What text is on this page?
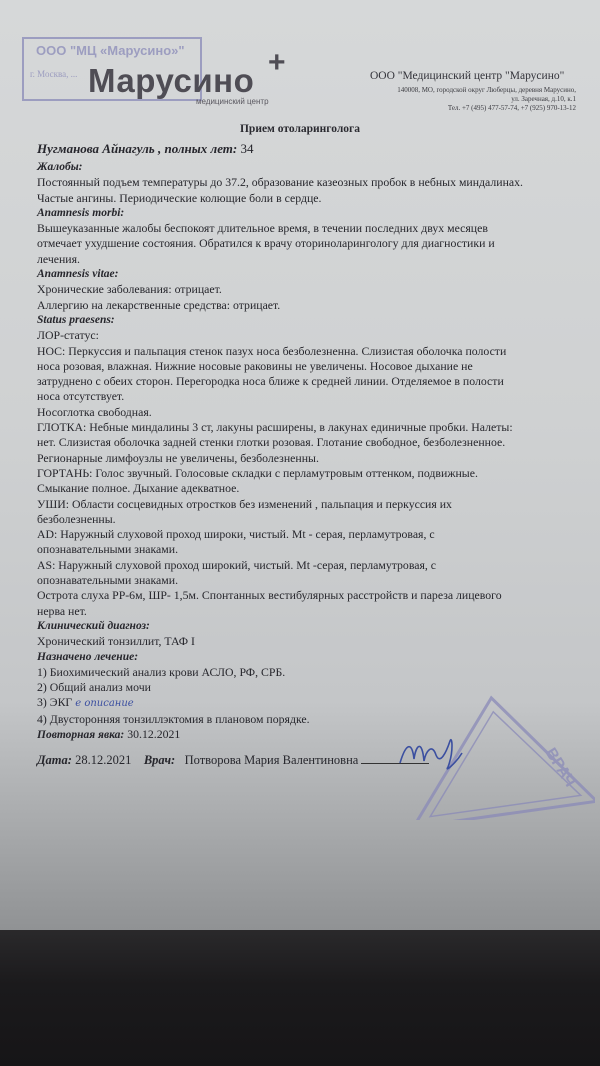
ООО "МЦ «Марусино»"
г. Москва, ... Марусино +
медицинский центр
ООО "Медицинский центр "Марусино"
140008, МО, городской округ Люберцы, деревня Марусино,
ул. Заречная, д.10, к.1
Тел. +7 (495) 477-57-74, +7 (925) 970-13-12
Прием отоларинголога
Нугманова Айнагуль , полных лет: 34
Жалобы:
Постоянный подъем температуры до 37.2, образование казеозных пробок в небных миндалинах.
Частые ангины. Периодические колющие боли в сердце.
Anamnesis morbi:
Вышеуказанные жалобы беспокоят длительное время, в течении последних двух месяцев
отмечает ухудшение состояния. Обратился к врачу оториноларингологу для диагностики и
лечения.
Anamnesis vitae:
Хронические заболевания: отрицает.
Аллергию на лекарственные средства: отрицает.
Status praesens:
ЛОР-статус:
НОС: Перкуссия и пальпация стенок пазух носа безболезненна. Слизистая оболочка полости
носа розовая, влажная. Нижние носовые раковины не увеличены. Носовое дыхание не
затруднено с обеих сторон. Перегородка носа ближе к средней линии. Отделяемое в полости
носа отсутствует.
Носоглотка свободная.
ГЛОТКА: Небные миндалины 3 ст, лакуны расширены, в лакунах единичные пробки. Налеты:
нет. Слизистая оболочка задней стенки глотки розовая. Глотание свободное, безболезненное.
Регионарные лимфоузлы не увеличены, безболезненны.
ГОРТАНЬ: Голос звучный. Голосовые складки с перламутровым оттенком, подвижные.
Смыкание полное. Дыхание адекватное.
УШИ: Области сосцевидных отростков без изменений , пальпация и перкуссия их
безболезненны.
AD: Наружный слуховой проход широки, чистый. Mt - серая, перламутровая, с
опознавательными знаками.
AS: Наружный слуховой проход широкий, чистый. Mt -серая, перламутровая, с
опознавательными знаками.
Острота слуха РР-6м, ШР- 1,5м. Спонтанных вестибулярных расстройств и пареза лицевого
нерва нет.
Клинический диагноз:
Хронический тонзиллит, ТАФ I
Назначено лечение:
1) Биохимический анализ крови АСЛО, РФ, СРБ.
2) Общий анализ мочи
3) ЭКГ е описание
4) Двусторонняя тонзиллэктомия в плановом порядке.
Повторная явка: 30.12.2021
Дата: 28.12.2021 Врач: Потворова Мария Валентиновна	ВРАЧ
